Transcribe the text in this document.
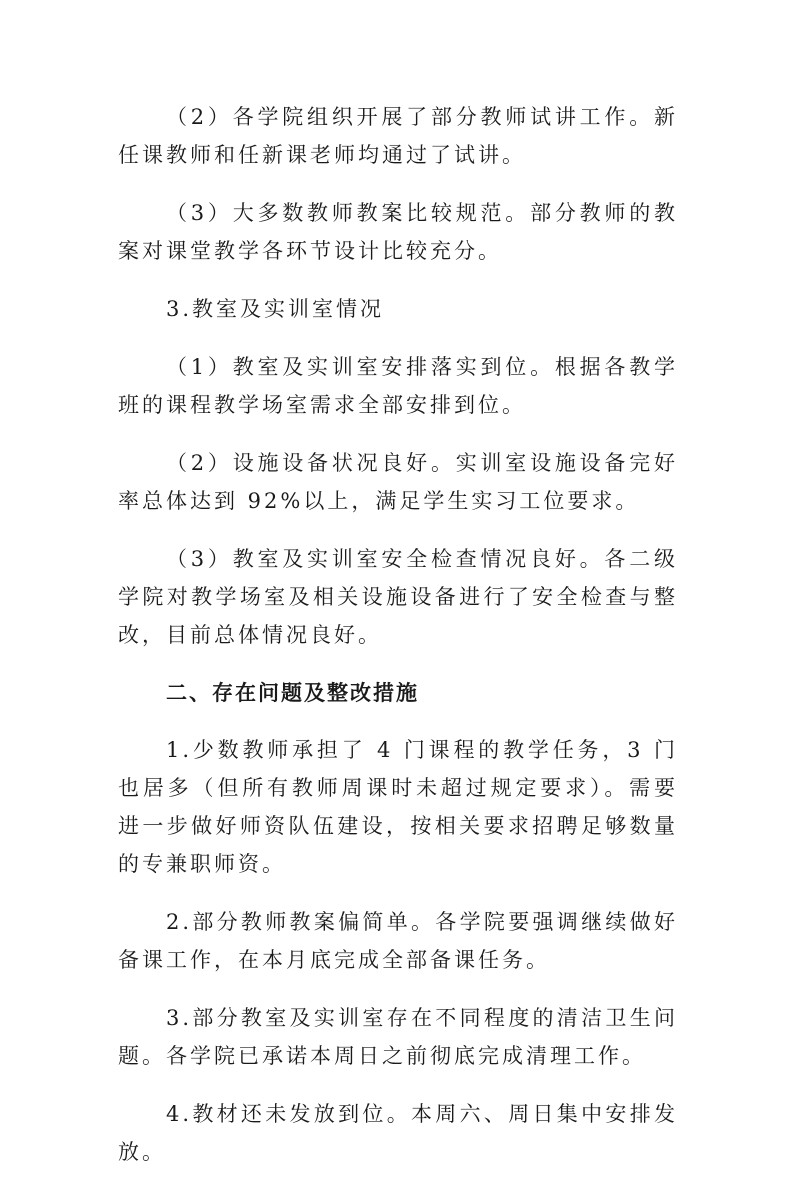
（2）各学院组织开展了部分教师试讲工作。新任课教师和任新课老师均通过了试讲。

（3）大多数教师教案比较规范。部分教师的教案对课堂教学各环节设计比较充分。

3.教室及实训室情况

（1）教室及实训室安排落实到位。根据各教学班的课程教学场室需求全部安排到位。

（2）设施设备状况良好。实训室设施设备完好率总体达到 92%以上，满足学生实习工位要求。

（3）教室及实训室安全检查情况良好。各二级学院对教学场室及相关设施设备进行了安全检查与整改，目前总体情况良好。

二、存在问题及整改措施

1.少数教师承担了 4 门课程的教学任务，3 门也居多（但所有教师周课时未超过规定要求）。需要进一步做好师资队伍建设，按相关要求招聘足够数量的专兼职师资。

2.部分教师教案偏简单。各学院要强调继续做好备课工作，在本月底完成全部备课任务。

3.部分教室及实训室存在不同程度的清洁卫生问题。各学院已承诺本周日之前彻底完成清理工作。

4.教材还未发放到位。本周六、周日集中安排发放。
